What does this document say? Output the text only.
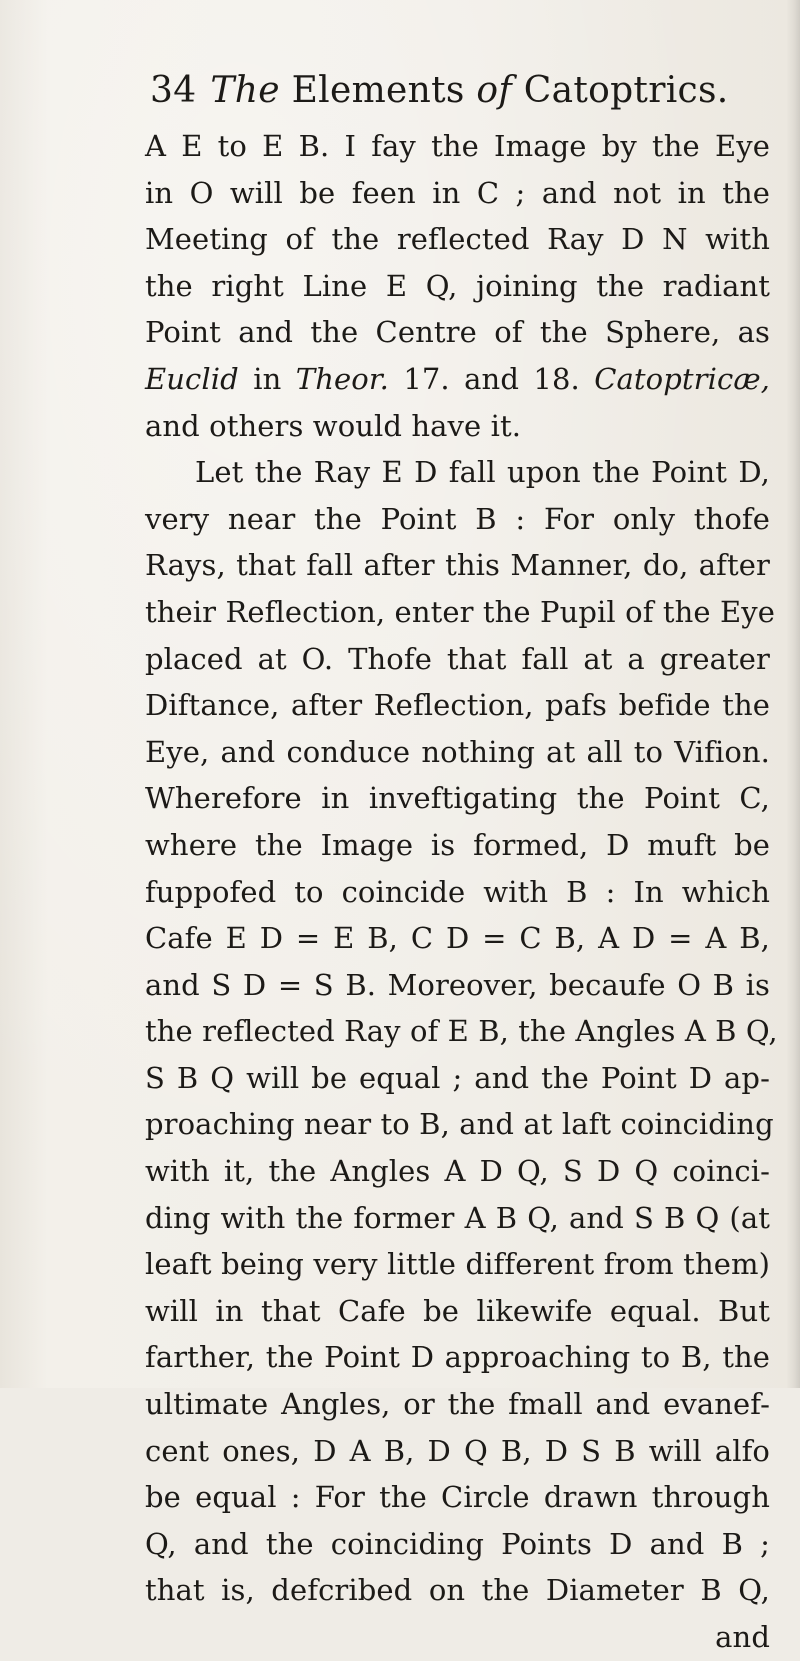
34 The Elements of Catoptrics.
A E to E B. I fay the Image by the Eye
in O will be feen in C ; and not in the
Meeting of the reflected Ray D N with
the right Line E Q, joining the radiant
Point and the Centre of the Sphere, as
Euclid in Theor. 17. and 18. Catoptricæ,
and others would have it.
Let the Ray E D fall upon the Point D,
very near the Point B : For only thofe
Rays, that fall after this Manner, do, after
their Reflection, enter the Pupil of the Eye
placed at O. Thofe that fall at a greater
Diftance, after Reflection, pafs befide the
Eye, and conduce nothing at all to Vifion.
Wherefore in inveftigating the Point C,
where the Image is formed, D muft be
fuppofed to coincide with B : In which
Cafe E D = E B, C D = C B, A D = A B,
and S D = S B. Moreover, becaufe O B is
the reflected Ray of E B, the Angles A B Q,
S B Q will be equal ; and the Point D ap-
proaching near to B, and at laft coinciding
with it, the Angles A D Q, S D Q coinci-
ding with the former A B Q, and S B Q (at
leaft being very little different from them)
will in that Cafe be likewife equal. But
farther, the Point D approaching to B, the
ultimate Angles, or the fmall and evanef-
cent ones, D A B, D Q B, D S B will alfo
be equal : For the Circle drawn through
Q, and the coinciding Points D and B ;
that is, defcribed on the Diameter B Q,
and
